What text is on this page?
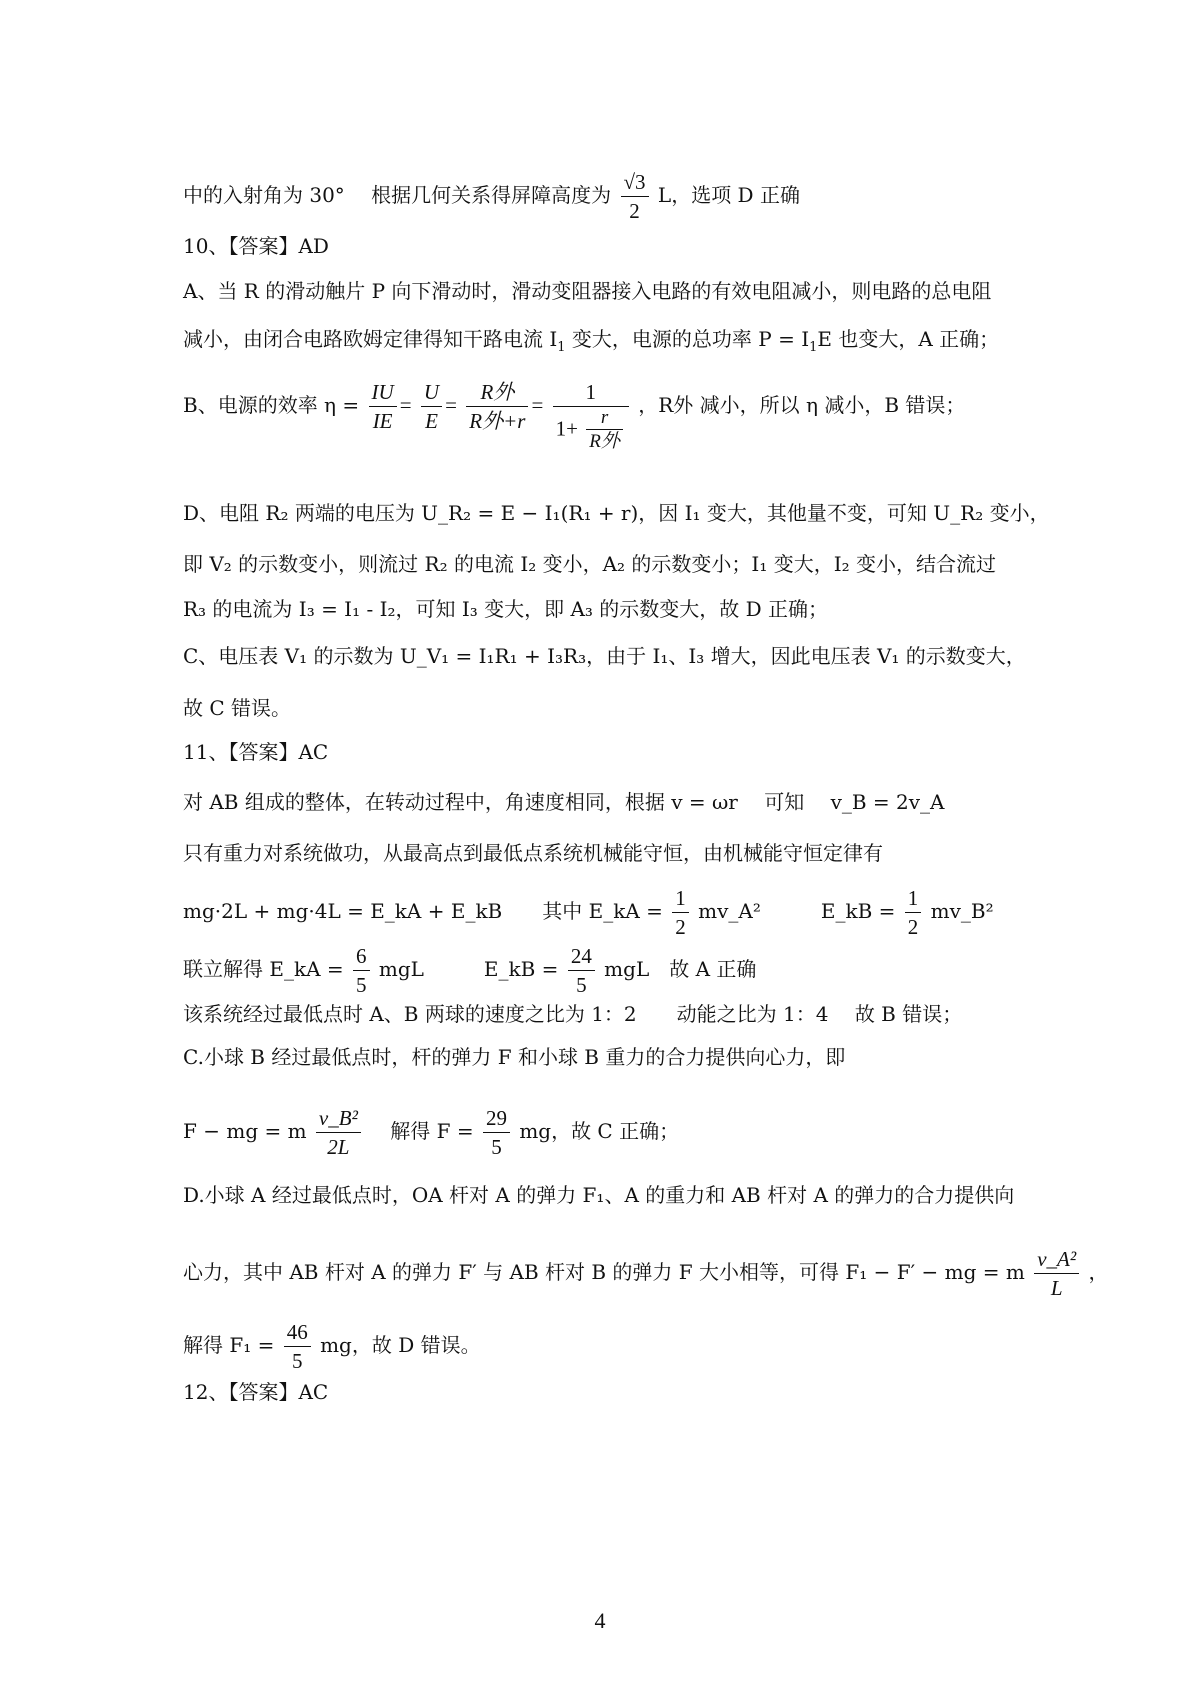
中的入射角为 30°　 根据几何关系得屏障高度为 $\frac{√3}{2}$ L，选项 D 正确
10、【答案】AD
A、当 R 的滑动触片 P 向下滑动时，滑动变阻器接入电路的有效电阻减小，则电路的总电阻
减小，由闭合电路欧姆定律得知干路电流 $I_1$ 变大，电源的总功率 $P = I_1E$ 也变大，A 正确；
B、电源的效率 $\eta = \frac{IU}{IE} = \frac{U}{E} = \frac{\text{R外}}{\text{R外+r}} = \frac{1}{1+ \frac{r}{\text{R外}}}$ ，R外 减小，所以 η 减小，B 错误；
D、电阻 R₂ 两端的电压为 U_R₂ = E − I₁(R₁ + r)，因 I₁ 变大，其他量不变，可知 U_R₂ 变小，
即 V₂ 的示数变小，则流过 R₂ 的电流 I₂ 变小，A₂ 的示数变小；I₁ 变大，I₂ 变小，结合流过
R₃ 的电流为 I₃ = I₁ - I₂，可知 I₃ 变大，即 A₃ 的示数变大，故 D 正确；
C、电压表 V₁ 的示数为 U_V₁ = I₁R₁ + I₃R₃，由于 I₁、I₃ 增大，因此电压表 V₁ 的示数变大，
故 C 错误。
11、【答案】AC
对 AB 组成的整体，在转动过程中，角速度相同，根据 v = ωr　 可知　 v_B = 2v_A
只有重力对系统做功，从最高点到最低点系统机械能守恒，由机械能守恒定律有
mg·2L + mg·4L = E_kA + E_kB　　其中 E_kA = $\frac{1}{2}$ mv_A²　　　E_kB = $\frac{1}{2}$ mv_B²
联立解得 E_kA = $\frac{6}{5}$ mgL　　　E_kB = $\frac{24}{5}$ mgL　故 A 正确
该系统经过最低点时 A、B 两球的速度之比为 1：2　　动能之比为 1：4　 故 B 错误；
C.小球 B 经过最低点时，杆的弹力 F 和小球 B 重力的合力提供向心力，即
F − mg = m $\frac{\text{v\_B²}}{2L}$ 　解得 $F = \frac{29}{5}$ mg，故 C 正确；
D.小球 A 经过最低点时，OA 杆对 A 的弹力 F₁、A 的重力和 AB 杆对 A 的弹力的合力提供向
心力，其中 AB 杆对 A 的弹力 F′ 与 AB 杆对 B 的弹力 F 大小相等，可得 F₁ − F′ − mg = m $\frac{\text{v\_A²}}{L}$ ，
解得 $F_1 = \frac{46}{5}$ mg，故 D 错误。
12、【答案】AC
4
